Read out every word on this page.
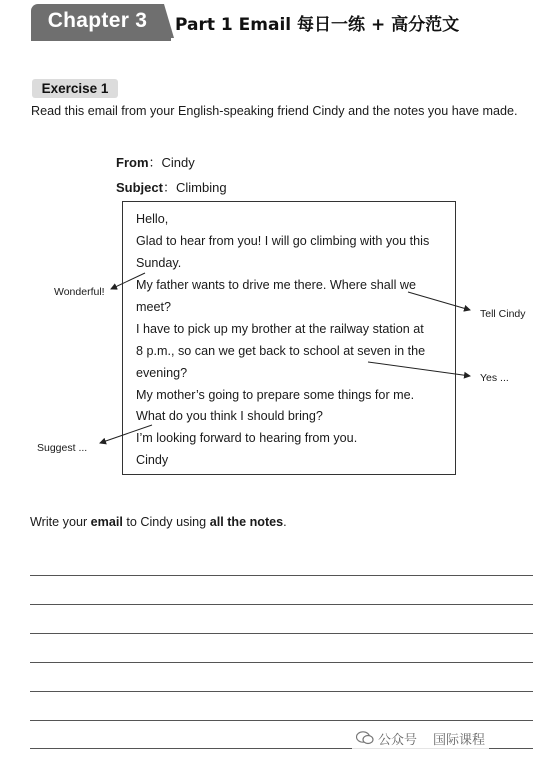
Chapter 3	Part 1 Email 每日一练 + 高分范文
Exercise 1
Read this email from your English-speaking friend Cindy and the notes you have made.
From：Cindy
Subject：Climbing
Hello,
Glad to hear from you! I will go climbing with you this
Sunday.
My father wants to drive me there. Where shall we
meet?
I have to pick up my brother at the railway station at
8 p.m., so can we get back to school at seven in the
evening?
My mother’s going to prepare some things for me.
What do you think I should bring?
I’m looking forward to hearing from you.
Cindy
Wonderful!
Tell Cindy
Yes ...
Suggest ...
Write your email to Cindy using all the notes.
公众号 国际课程
